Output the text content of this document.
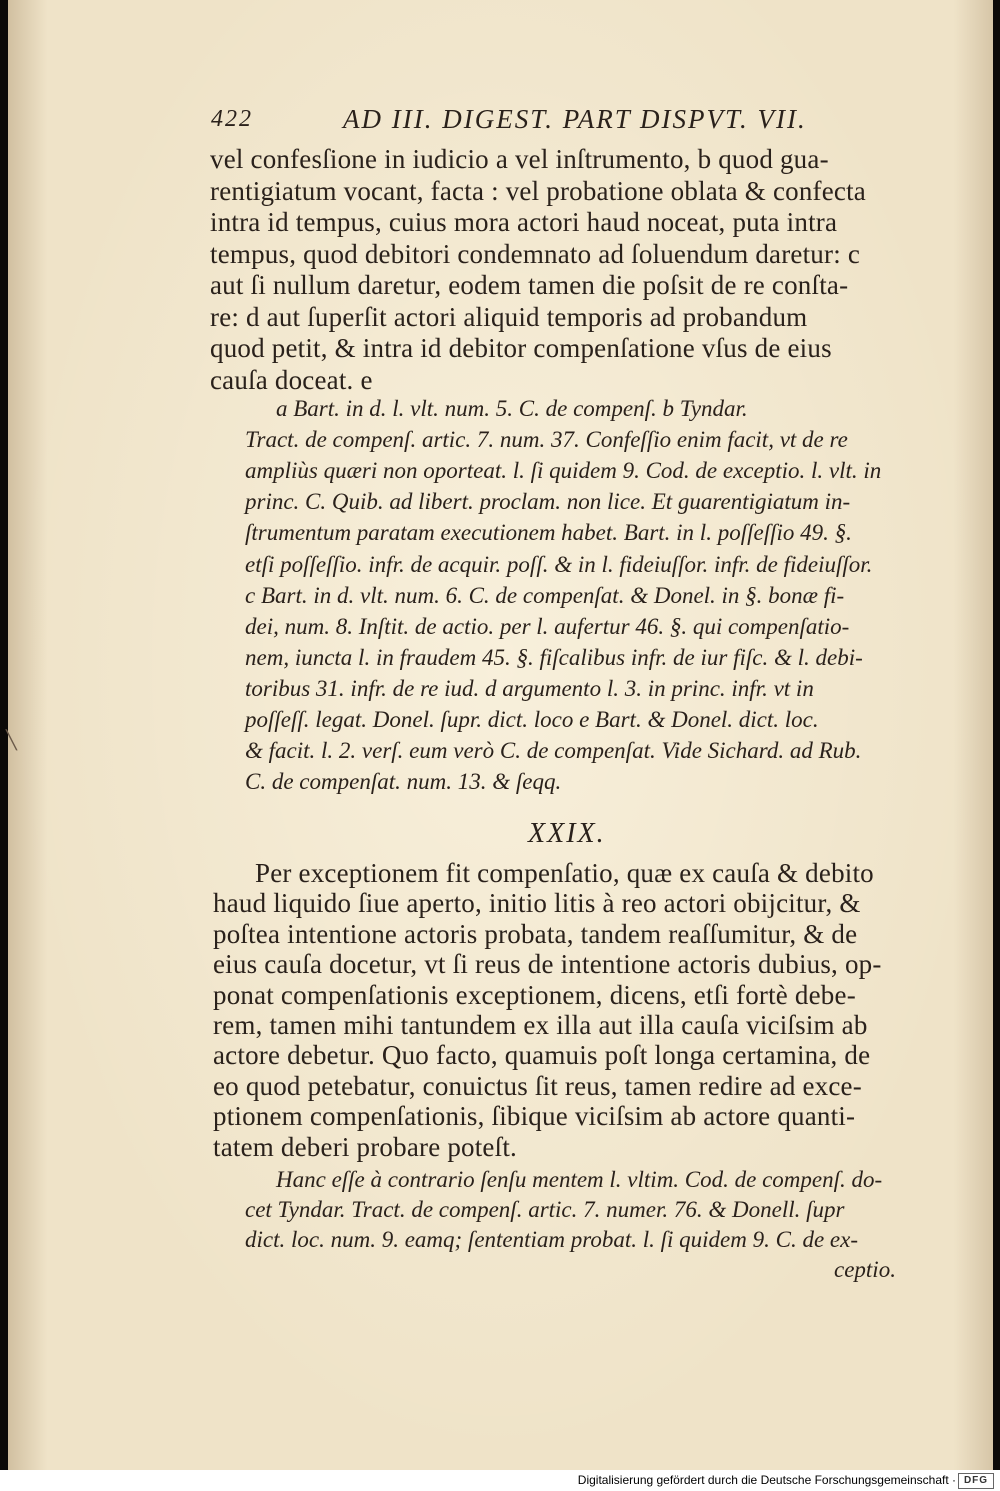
422	AD III. DIGEST. PART DISPVT. VII.
vel confesſione in iudicio a vel inſtrumento, b quod gua-
rentigiatum vocant, facta : vel probatione oblata & confecta
intra id tempus, cuius mora actori haud noceat, puta intra
tempus, quod debitori condemnato ad ſoluendum daretur: c
aut ſi nullum daretur, eodem tamen die poſsit de re conſta-
re: d aut ſuperſit actori aliquid temporis ad probandum
quod petit, & intra id debitor compenſatione vſus de eius
cauſa doceat. e
a Bart. in d. l. vlt. num. 5. C. de compenſ. b Tyndar.
Tract. de compenſ. artic. 7. num. 37. Confeſſio enim facit, vt de re
ampliùs quæri non oporteat. l. ſi quidem 9. Cod. de exceptio. l. vlt. in
princ. C. Quib. ad libert. proclam. non lice. Et guarentigiatum in-
ſtrumentum paratam executionem habet. Bart. in l. poſſeſſio 49. §.
etſi poſſeſſio. infr. de acquir. poſſ. & in l. fideiuſſor. infr. de fideiuſſor.
c Bart. in d. vlt. num. 6. C. de compenſat. & Donel. in §. bonæ fi-
dei, num. 8. Inſtit. de actio. per l. aufertur 46. §. qui compenſatio-
nem, iuncta l. in fraudem 45. §. fiſcalibus infr. de iur fiſc. & l. debi-
toribus 31. infr. de re iud. d argumento l. 3. in princ. infr. vt in
poſſeſſ. legat. Donel. ſupr. dict. loco e Bart. & Donel. dict. loc.
& facit. l. 2. verſ. eum verò C. de compenſat. Vide Sichard. ad Rub.
C. de compenſat. num. 13. & ſeqq.
XXIX.
Per exceptionem fit compenſatio, quæ ex cauſa & debito
haud liquido ſiue aperto, initio litis à reo actori obijcitur, &
poſtea intentione actoris probata, tandem reaſſumitur, & de
eius cauſa docetur, vt ſi reus de intentione actoris dubius, op-
ponat compenſationis exceptionem, dicens, etſi fortè debe-
rem, tamen mihi tantundem ex illa aut illa cauſa viciſsim ab
actore debetur. Quo facto, quamuis poſt longa certamina, de
eo quod petebatur, conuictus ſit reus, tamen redire ad exce-
ptionem compenſationis, ſibique viciſsim ab actore quanti-
tatem deberi probare poteſt.
Hanc eſſe à contrario ſenſu mentem l. vltim. Cod. de compenſ. do-
cet Tyndar. Tract. de compenſ. artic. 7. numer. 76. & Donell. ſupr
dict. loc. num. 9. eamq; ſententiam probat. l. ſi quidem 9. C. de ex-
ceptio.
╲
Digitalisierung gefördert durch die Deutsche Forschungsgemeinschaft · DFG
